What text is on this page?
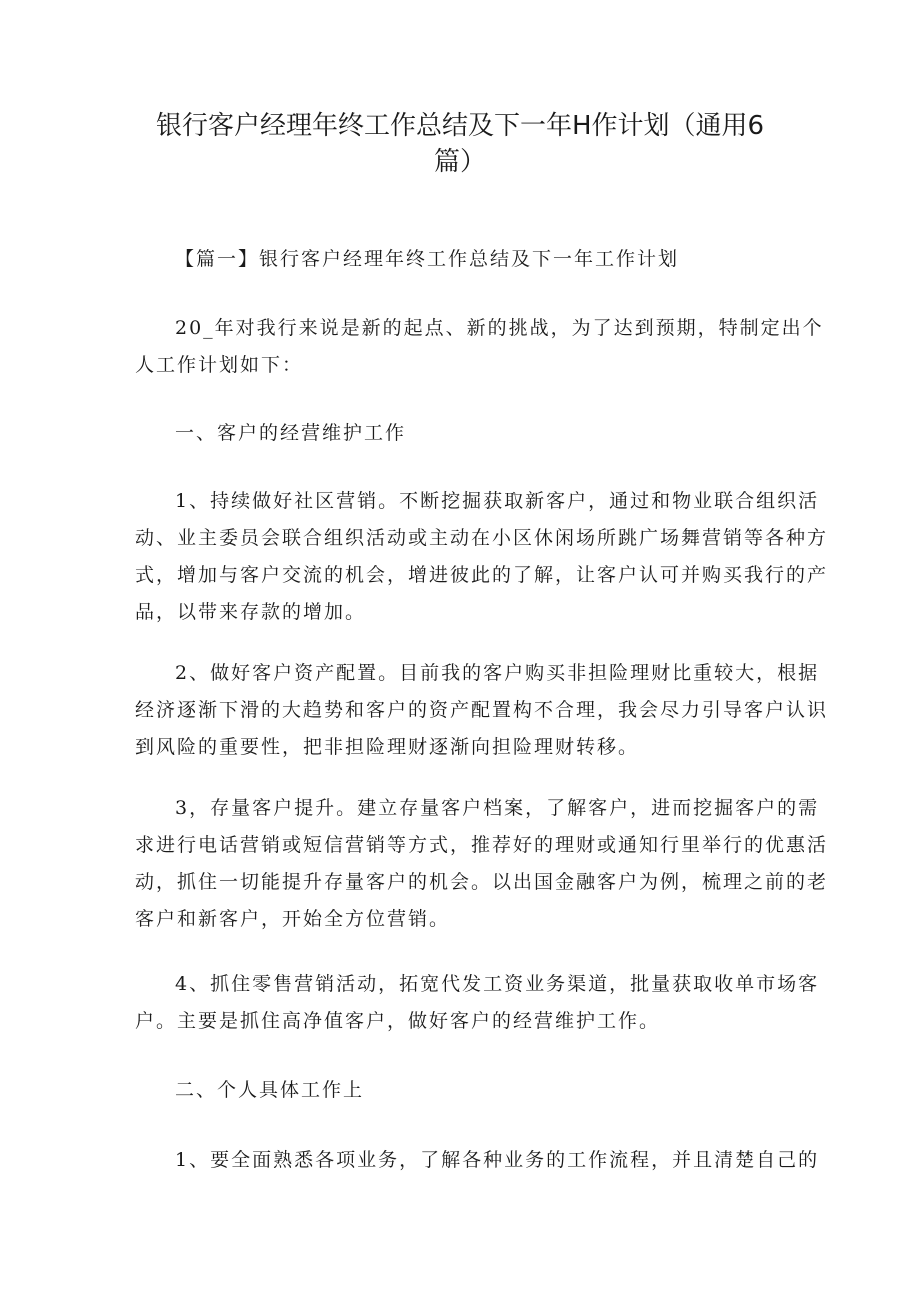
银行客户经理年终工作总结及下一年H作计划（通用6
篇）
【篇一】银行客户经理年终工作总结及下一年工作计划
20_年对我行来说是新的起点、新的挑战，为了达到预期，特制定出个
人工作计划如下：
一、客户的经营维护工作
1、持续做好社区营销。不断挖掘获取新客户，通过和物业联合组织活
动、业主委员会联合组织活动或主动在小区休闲场所跳广场舞营销等各种方
式，增加与客户交流的机会，增进彼此的了解，让客户认可并购买我行的产
品，以带来存款的增加。
2、做好客户资产配置。目前我的客户购买非担险理财比重较大，根据
经济逐渐下滑的大趋势和客户的资产配置构不合理，我会尽力引导客户认识
到风险的重要性，把非担险理财逐渐向担险理财转移。
3，存量客户提升。建立存量客户档案，了解客户，进而挖掘客户的需
求进行电话营销或短信营销等方式，推荐好的理财或通知行里举行的优惠活
动，抓住一切能提升存量客户的机会。以出国金融客户为例，梳理之前的老
客户和新客户，开始全方位营销。
4、抓住零售营销活动，拓宽代发工资业务渠道，批量获取收单市场客
户。主要是抓住高净值客户，做好客户的经营维护工作。
二、个人具体工作上
1、要全面熟悉各项业务，了解各种业务的工作流程，并且清楚自己的
